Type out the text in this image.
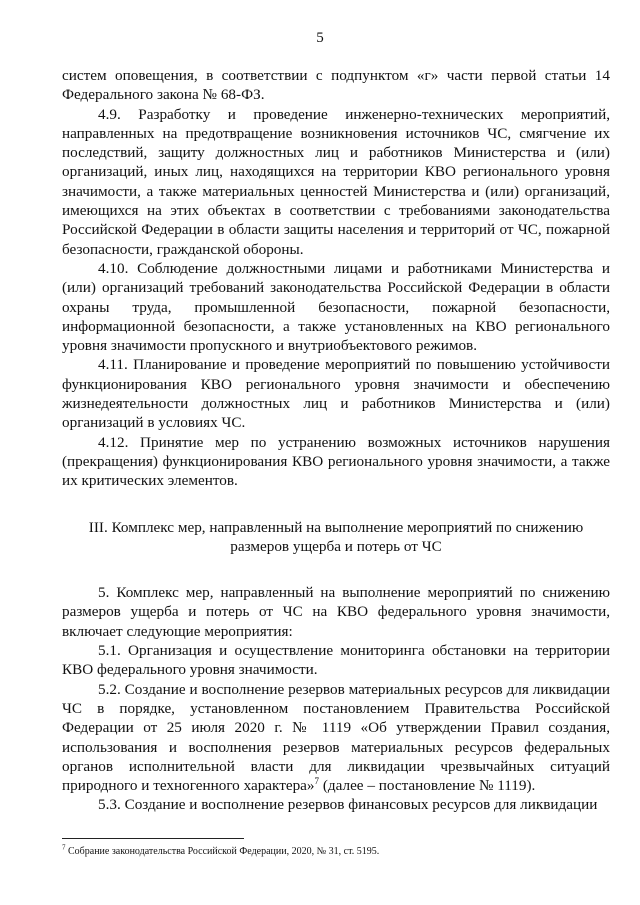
5

систем оповещения, в соответствии с подпунктом «г» части первой статьи 14 Федерального закона № 68-ФЗ.

4.9. Разработку и проведение инженерно-технических мероприятий, направленных на предотвращение возникновения источников ЧС, смягчение их последствий, защиту должностных лиц и работников Министерства и (или) организаций, иных лиц, находящихся на территории КВО регионального уровня значимости, а также материальных ценностей Министерства и (или) организаций, имеющихся на этих объектах в соответствии с требованиями законодательства Российской Федерации в области защиты населения и территорий от ЧС, пожарной безопасности, гражданской обороны.

4.10. Соблюдение должностными лицами и работниками Министерства и (или) организаций требований законодательства Российской Федерации в области охраны труда, промышленной безопасности, пожарной безопасности, информационной безопасности, а также установленных на КВО регионального уровня значимости пропускного и внутриобъектового режимов.

4.11. Планирование и проведение мероприятий по повышению устойчивости функционирования КВО регионального уровня значимости и обеспечению жизнедеятельности должностных лиц и работников Министерства и (или) организаций в условиях ЧС.

4.12. Принятие мер по устранению возможных источников нарушения (прекращения) функционирования КВО регионального уровня значимости, а также их критических элементов.

III. Комплекс мер, направленный на выполнение мероприятий по снижению
размеров ущерба и потерь от ЧС

5. Комплекс мер, направленный на выполнение мероприятий по снижению размеров ущерба и потерь от ЧС на КВО федерального уровня значимости, включает следующие мероприятия:

5.1. Организация и осуществление мониторинга обстановки на территории КВО федерального уровня значимости.

5.2. Создание и восполнение резервов материальных ресурсов для ликвидации ЧС в порядке, установленном постановлением Правительства Российской Федерации от 25 июля 2020 г. № 1119 «Об утверждении Правил создания, использования и восполнения резервов материальных ресурсов федеральных органов исполнительной власти для ликвидации чрезвычайных ситуаций природного и техногенного характера»$^7$ (далее – постановление № 1119).

5.3. Создание и восполнение резервов финансовых ресурсов для ликвидации

$^7$ Собрание законодательства Российской Федерации, 2020, № 31, ст. 5195.
